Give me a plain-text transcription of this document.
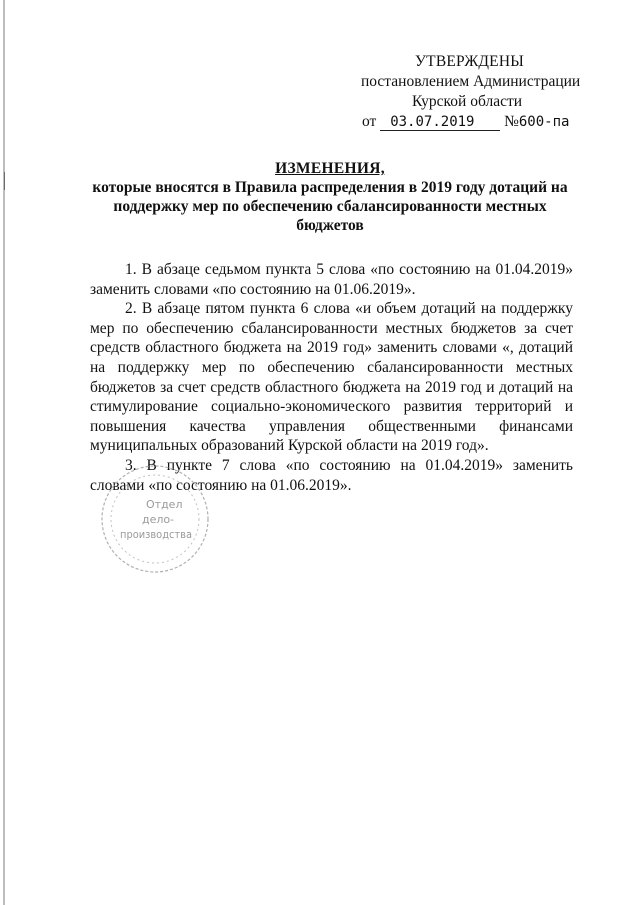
УТВЕРЖДЕНЫ
постановлением Администрации
Курской области
от 03.07.2019 №600-па
ИЗМЕНЕНИЯ,
которые вносятся в Правила распределения в 2019 году дотаций на поддержку мер по обеспечению сбалансированности местных бюджетов

1. В абзаце седьмом пункта 5 слова «по состоянию на 01.04.2019» заменить словами «по состоянию на 01.06.2019».

2. В абзаце пятом пункта 6 слова «и объем дотаций на поддержку мер по обеспечению сбалансированности местных бюджетов за счет средств областного бюджета на 2019 год» заменить словами «, дотаций на поддержку мер по обеспечению сбалансированности местных бюджетов за счет средств областного бюджета на 2019 год и дотаций на стимулирование социально-экономического развития территорий и повышения качества управления общественными финансами муниципальных образований Курской области на 2019 год».

3. В пункте 7 слова «по состоянию на 01.04.2019» заменить словами «по состоянию на 01.06.2019».

Отдел
дело-
производства
